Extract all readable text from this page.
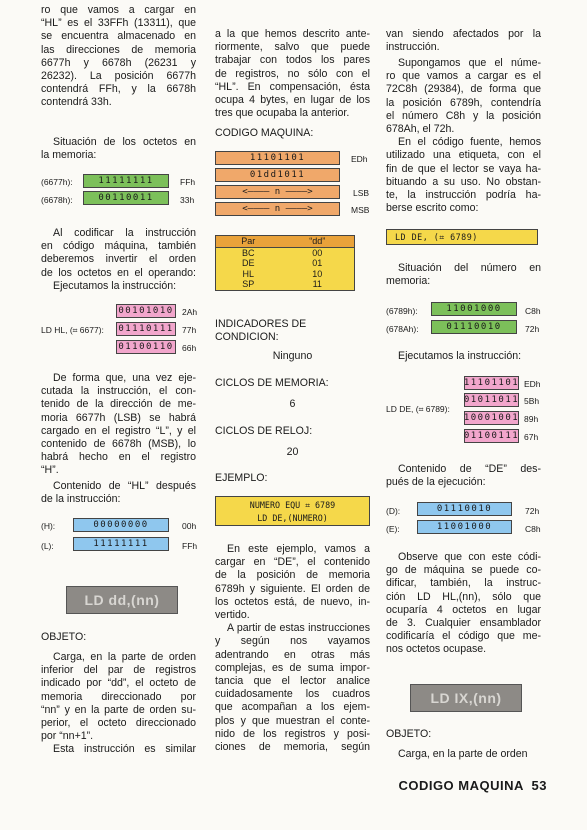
ro que vamos a cargar en
“HL” es el 33FFh (13311), que
se encuentra almacenado en
las direcciones de memoria
6677h y 6678h (26231 y
26232). La posición 6677h
contendrá FFh, y la 6678h
contendrá 33h.
Situación de los octetos en
la memoria:
(6677h):	11111111	FFh
(6678h):	00110011	33h
Al codificar la instrucción
en código máquina, también
deberemos invertir el orden
de los octetos en el operando:
Ejecutamos la instrucción:
00101010 2Ah
LD HL, (⌗ 6677): 01110111 77h
01100110 66h
De forma que, una vez eje-
cutada la instrucción, el con-
tenido de la dirección de me-
moria 6677h (LSB) se habrá
cargado en el registro “L”, y el
contenido de 6678h (MSB), lo
habrá hecho en el registro
“H”.
Contenido de “HL” después
de la instrucción:
(H):	00000000	00h
(L):	11111111	FFh
LD dd,(nn)
OBJETO:
Carga, en la parte de orden
inferior del par de registros
indicado por “dd”, el octeto de
memoria direccionado por
“nn” y en la parte de orden su-
perior, el octeto direccionado
por “nn+1”.
Esta instrucción es similar
a la que hemos descrito ante-
riormente, salvo que puede
trabajar con todos los pares
de registros, no sólo con el
“HL”. En compensación, ésta
ocupa 4 bytes, en lugar de los
tres que ocupaba la anterior.
CODIGO MAQUINA:
11101101	EDh
01dd1011
<———— n ————>	LSB
<———— n ————>	MSB
Par	“dd”
BC	00
DE	01
HL	10
SP	11
INDICADORES DE
CONDICION:
Ninguno
CICLOS DE MEMORIA:
6
CICLOS DE RELOJ:
20
EJEMPLO:
NUMERO EQU ⌗ 6789
LD DE,(NUMERO)
En este ejemplo, vamos a
cargar en “DE”, el contenido
de la posición de memoria
6789h y siguiente. El orden de
los octetos está, de nuevo, in-
vertido.
A partir de estas instrucciones
y según nos vayamos
adentrando en otras más
complejas, es de suma impor-
tancia que el lector analice
cuidadosamente los cuadros
que acompañan a los ejem-
plos y que muestran el conte-
nido de los registros y posi-
ciones de memoria, según
van siendo afectados por la
instrucción.
Supongamos que el núme-
ro que vamos a cargar es el
72C8h (29384), de forma que
la posición 6789h, contendría
el número C8h y la posición
678Ah, el 72h.
En el código fuente, hemos
utilizado una etiqueta, con el
fin de que el lector se vaya ha-
bituando a su uso. No obstan-
te, la instrucción podría ha-
berse escrito como:
LD DE, (⌗ 6789)
Situación del número en
memoria:
(6789h):	11001000	C8h
(678Ah):	01110010	72h
Ejecutamos la instrucción:
11101101 EDh
01011011 5Bh
LD DE, (⌗ 6789):
10001001 89h
01100111 67h
Contenido de “DE” des-
pués de la ejecución:
(D):	01110010	72h
(E):	11001000	C8h
Observe que con este códi-
go de máquina se puede co-
dificar, también, la instruc-
ción LD HL,(nn), sólo que
ocuparía 4 octetos en lugar
de 3. Cualquier ensamblador
codificaría el código que me-
nos octetos ocupase.
LD IX,(nn)
OBJETO:
Carga, en la parte de orden
CODIGO MAQUINA 53
